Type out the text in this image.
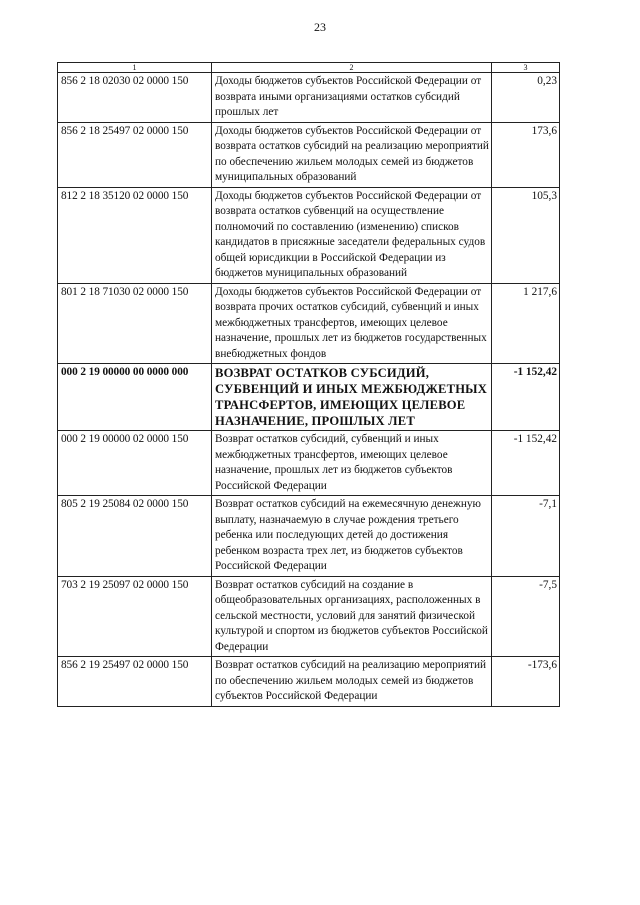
23
1	2	3
856 2 18 02030 02 0000 150	Доходы бюджетов субъектов Российской Федерации от возврата иными организациями остатков субсидий прошлых лет	0,23
856 2 18 25497 02 0000 150	Доходы бюджетов субъектов Российской Федерации от возврата остатков субсидий на реализацию мероприятий по обеспечению жильем молодых семей из бюджетов муниципальных образований	173,6
812 2 18 35120 02 0000 150	Доходы бюджетов субъектов Российской Федерации от возврата остатков субвенций на осуществление полномочий по составлению (изменению) списков кандидатов в присяжные заседатели федеральных судов общей юрисдикции в Российской Федерации из бюджетов муниципальных образований	105,3
801 2 18 71030 02 0000 150	Доходы бюджетов субъектов Российской Федерации от возврата прочих остатков субсидий, субвенций и иных межбюджетных трансфертов, имеющих целевое назначение, прошлых лет из бюджетов государственных внебюджетных фондов	1 217,6
000 2 19 00000 00 0000 000	ВОЗВРАТ ОСТАТКОВ СУБСИДИЙ, СУБВЕНЦИЙ И ИНЫХ МЕЖБЮДЖЕТНЫХ ТРАНСФЕРТОВ, ИМЕЮЩИХ ЦЕЛЕВОЕ НАЗНАЧЕНИЕ, ПРОШЛЫХ ЛЕТ	-1 152,42
000 2 19 00000 02 0000 150	Возврат остатков субсидий, субвенций и иных межбюджетных трансфертов, имеющих целевое назначение, прошлых лет из бюджетов субъектов Российской Федерации	-1 152,42
805 2 19 25084 02 0000 150	Возврат остатков субсидий на ежемесячную денежную выплату, назначаемую в случае рождения третьего ребенка или последующих детей до достижения ребенком возраста трех лет, из бюджетов субъектов Российской Федерации	-7,1
703 2 19 25097 02 0000 150	Возврат остатков субсидий на создание в общеобразовательных организациях, расположенных в сельской местности, условий для занятий физической культурой и спортом из бюджетов субъектов Российской Федерации	-7,5
856 2 19 25497 02 0000 150	Возврат остатков субсидий на реализацию мероприятий по обеспечению жильем молодых семей из бюджетов субъектов Российской Федерации	-173,6
